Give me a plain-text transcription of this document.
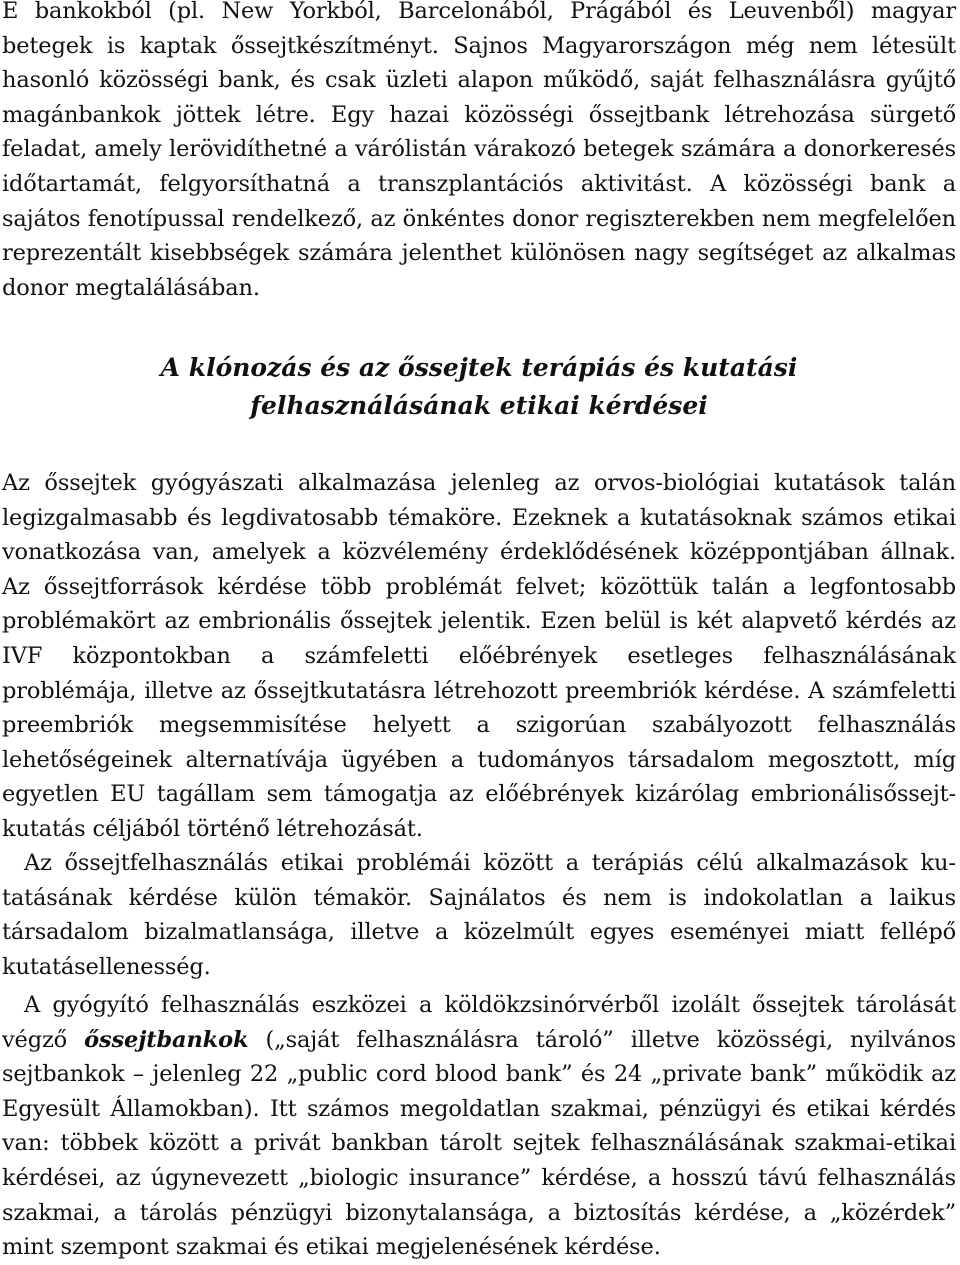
E bankokból (pl. New Yorkból, Barcelonából, Prágából és Leuvenből) magyar betegek is kaptak őssejtkészítményt. Sajnos Magyarországon még nem létesült hasonló közösségi bank, és csak üzleti alapon működő, saját felhasználásra gyűjtő magánbankok jöttek létre. Egy hazai közösségi őssejtbank létrehozása sürgető feladat, amely lerövidíthetné a várólistán várakozó betegek számára a donorkeresés időtartamát, felgyorsíthatná a transzplantációs aktivitást. A közösségi bank a sajátos fenotípussal rendelkező, az önkéntes donor regiszterekben nem megfelelően reprezentált kisebbségek számára jelenthet különösen nagy segítséget az alkalmas donor megtalálásában.

A klónozás és az őssejtek terápiás és kutatási
felhasználásának etikai kérdései

Az őssejtek gyógyászati alkalmazása jelenleg az orvos-biológiai kutatások talán legizgalmasabb és legdivatosabb témaköre. Ezeknek a kutatásoknak számos etikai vonatkozása van, amelyek a közvélemény érdeklődésének középpontjában állnak. Az őssejtforrások kérdése több problémát felvet; közöttük talán a legfontosabb problémakört az embrionális őssejtek jelentik. Ezen belül is két alapvető kérdés az IVF központokban a számfeletti előébrények esetleges felhasználásának problémája, illetve az őssejtkutatásra létrehozott preembriók kérdése. A számfeletti preembriók megsemmisítése helyett a szigorúan szabályozott felhasználás lehetőségeinek alternatívája ügyében a tudományos társadalom megosztott, míg egyetlen EU tagállam sem támogatja az előébrények kizárólag embrionálisőssejt-kutatás céljából történő létrehozását.

Az őssejtfelhasználás etikai problémái között a terápiás célú alkalmazások kutatásának kérdése külön témakör. Sajnálatos és nem is indokolatlan a laikus társadalom bizalmatlansága, illetve a közelmúlt egyes eseményei miatt fellépő kutatásellenesség.

A gyógyító felhasználás eszközei a köldökzsinórvérből izolált őssejtek tárolását végző őssejtbankok („saját felhasználásra tároló” illetve közösségi, nyilvános sejtbankok – jelenleg 22 „public cord blood bank” és 24 „private bank” működik az Egyesült Államokban). Itt számos megoldatlan szakmai, pénzügyi és etikai kérdés van: többek között a privát bankban tárolt sejtek felhasználásának szakmai-etikai kérdései, az úgynevezett „biologic insurance” kérdése, a hosszú távú felhasználás szakmai, a tárolás pénzügyi bizonytalansága, a biztosítás kérdése, a „közérdek” mint szempont szakmai és etikai megjelenésének kérdése.
